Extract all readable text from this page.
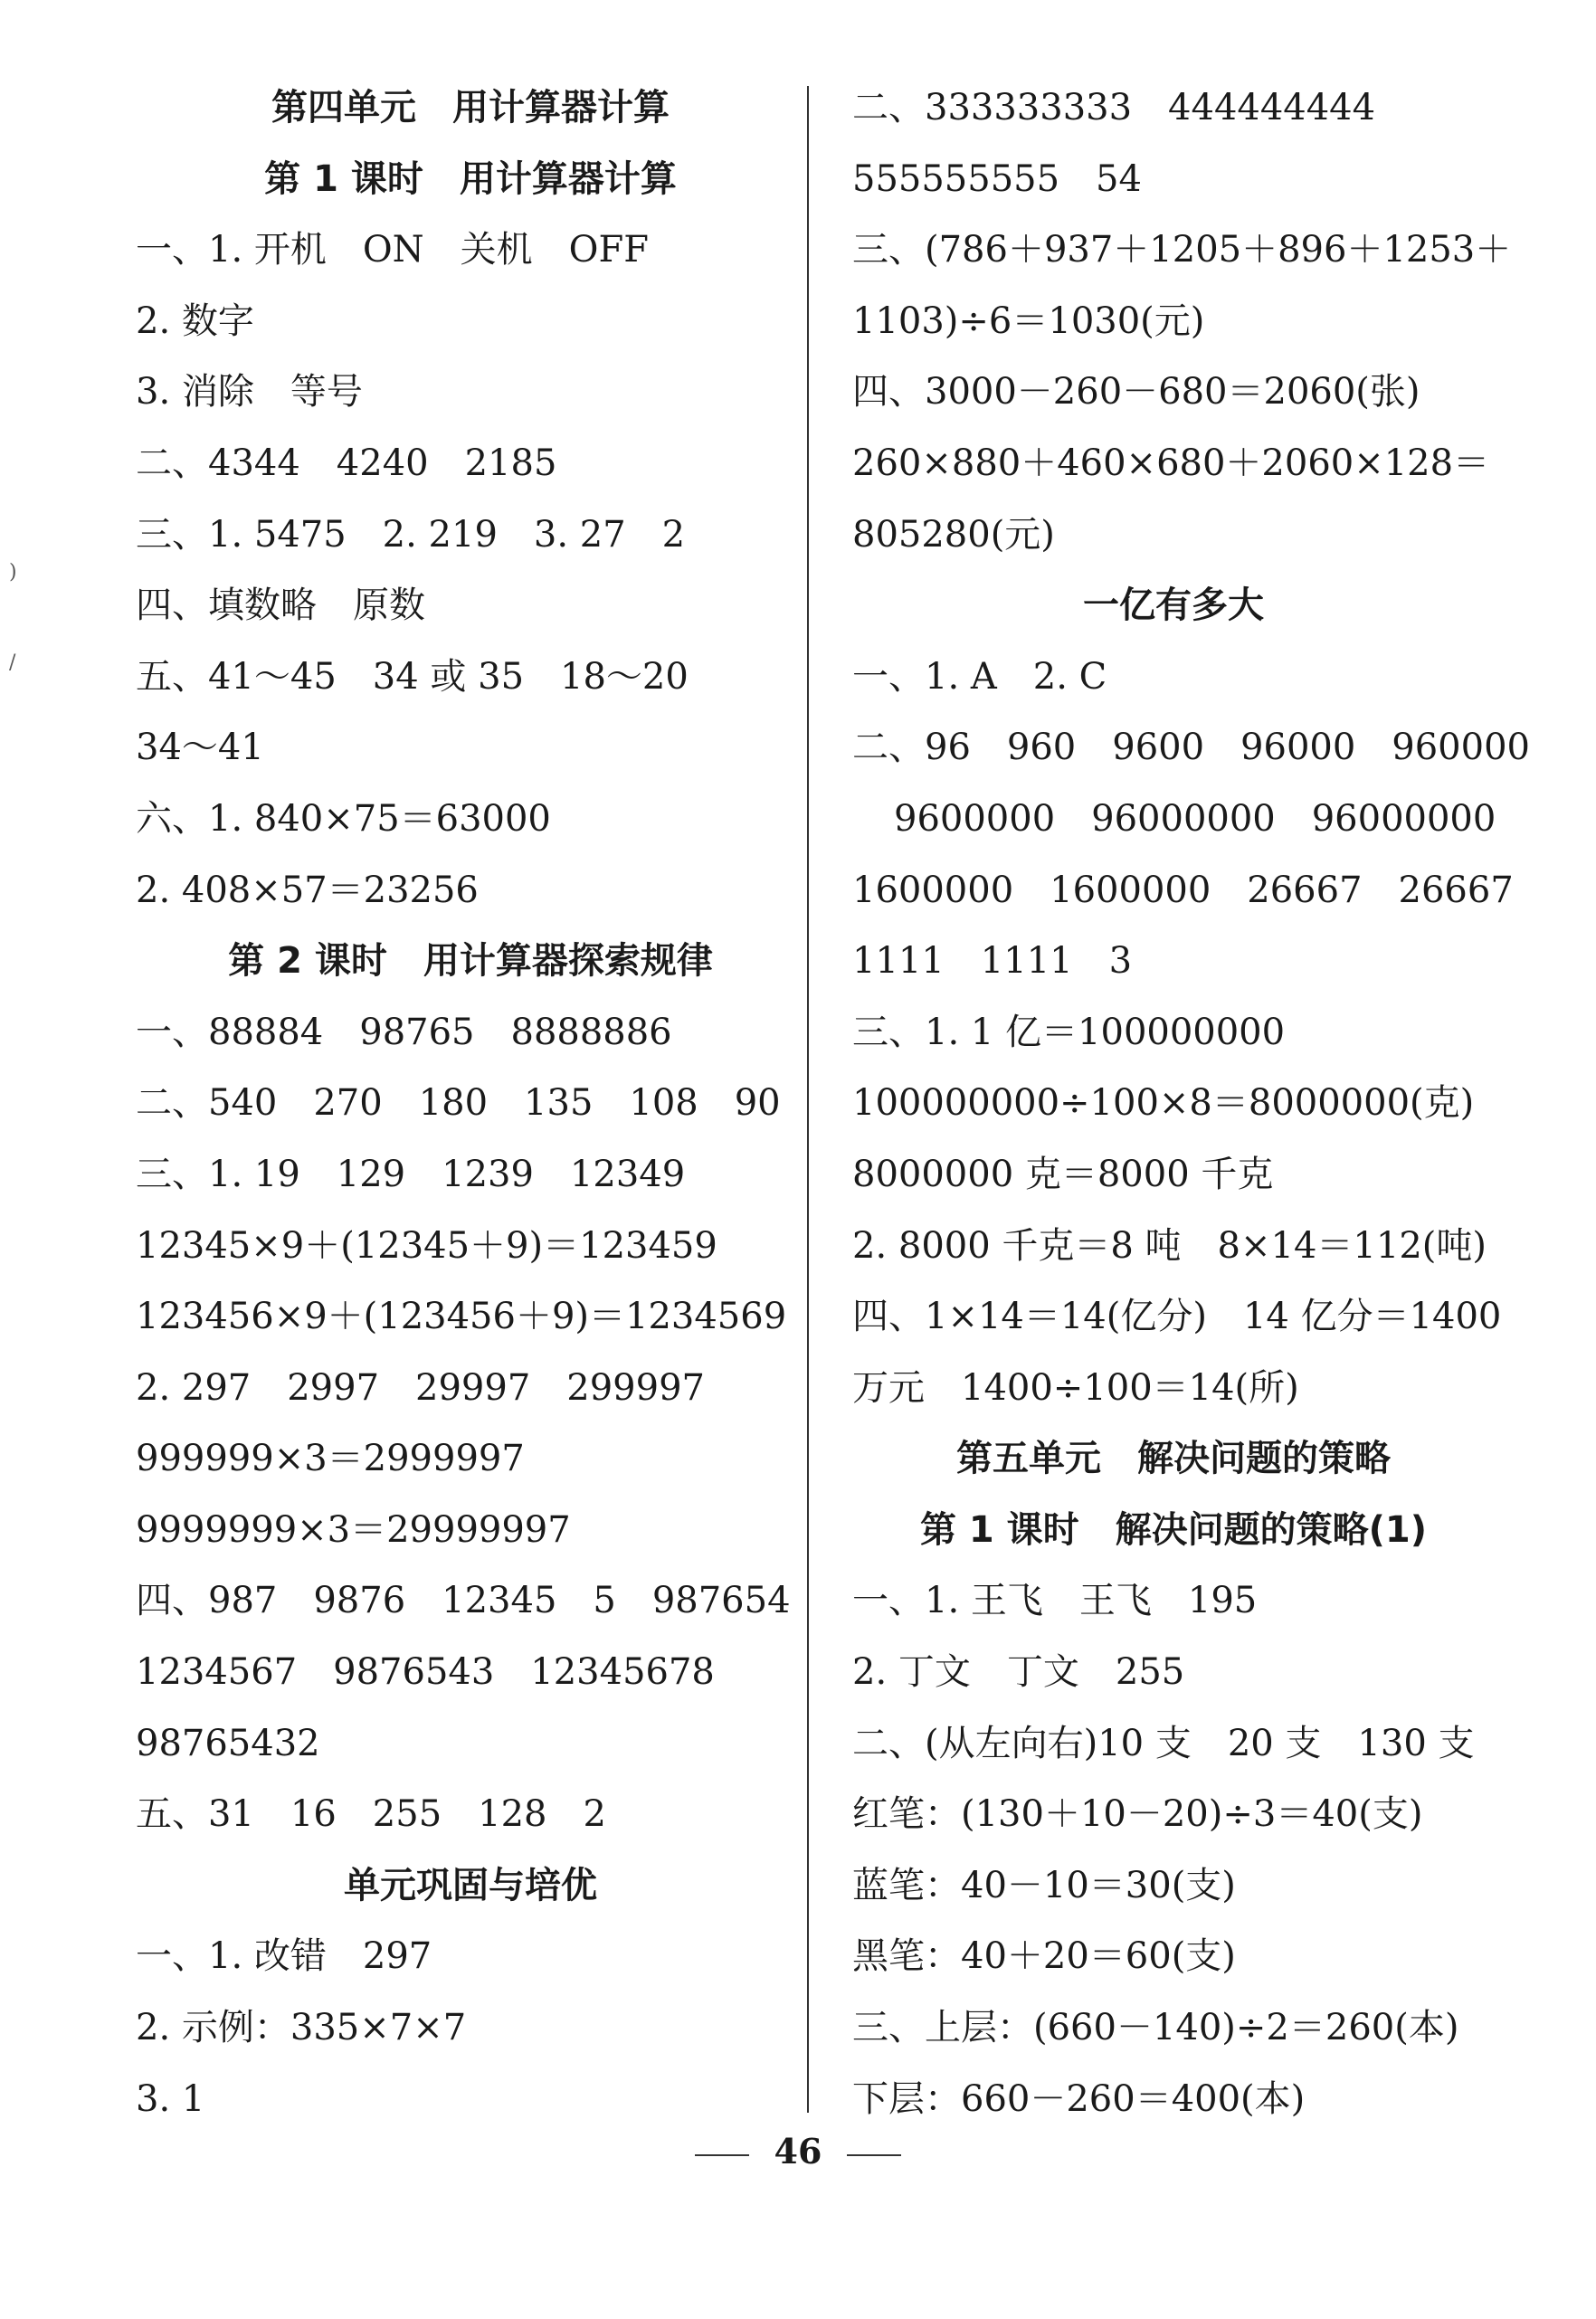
第四单元　用计算器计算
第 1 课时　用计算器计算
一、1. 开机　ON　关机　OFF
2. 数字
3. 消除　等号
二、4344　4240　2185
三、1. 5475　2. 219　3. 27　2
四、填数略　原数
五、41～45　34 或 35　18～20
34～41
六、1. 840×75＝63000
2. 408×57＝23256
第 2 课时　用计算器探索规律
一、88884　98765　8888886
二、540　270　180　135　108　90
三、1. 19　129　1239　12349
12345×9＋(12345＋9)＝123459
123456×9＋(123456＋9)＝1234569
2. 297　2997　29997　299997
999999×3＝2999997
9999999×3＝29999997
四、987　9876　12345　5　987654
1234567　9876543　12345678
98765432
五、31　16　255　128　2
单元巩固与培优
一、1. 改错　297
2. 示例：335×7×7
3. 1
二、333333333　444444444
555555555　54
三、(786＋937＋1205＋896＋1253＋
1103)÷6＝1030(元)
四、3000－260－680＝2060(张)
260×880＋460×680＋2060×128＝
805280(元)
一亿有多大
一、1. A　2. C
二、96　960　9600　96000　960000
9600000　96000000　96000000
1600000　1600000　26667　26667
1111　1111　3
三、1. 1 亿＝100000000
100000000÷100×8＝8000000(克)
8000000 克＝8000 千克
2. 8000 千克＝8 吨　8×14＝112(吨)
四、1×14＝14(亿分)　14 亿分＝1400
万元　1400÷100＝14(所)
第五单元　解决问题的策略
第 1 课时　解决问题的策略(1)
一、1. 王飞　王飞　195
2. 丁文　丁文　255
二、(从左向右)10 支　20 支　130 支
红笔：(130＋10－20)÷3＝40(支)
蓝笔：40－10＝30(支)
黑笔：40＋20＝60(支)
三、上层：(660－140)÷2＝260(本)
下层：660－260＝400(本)
)
/
46
